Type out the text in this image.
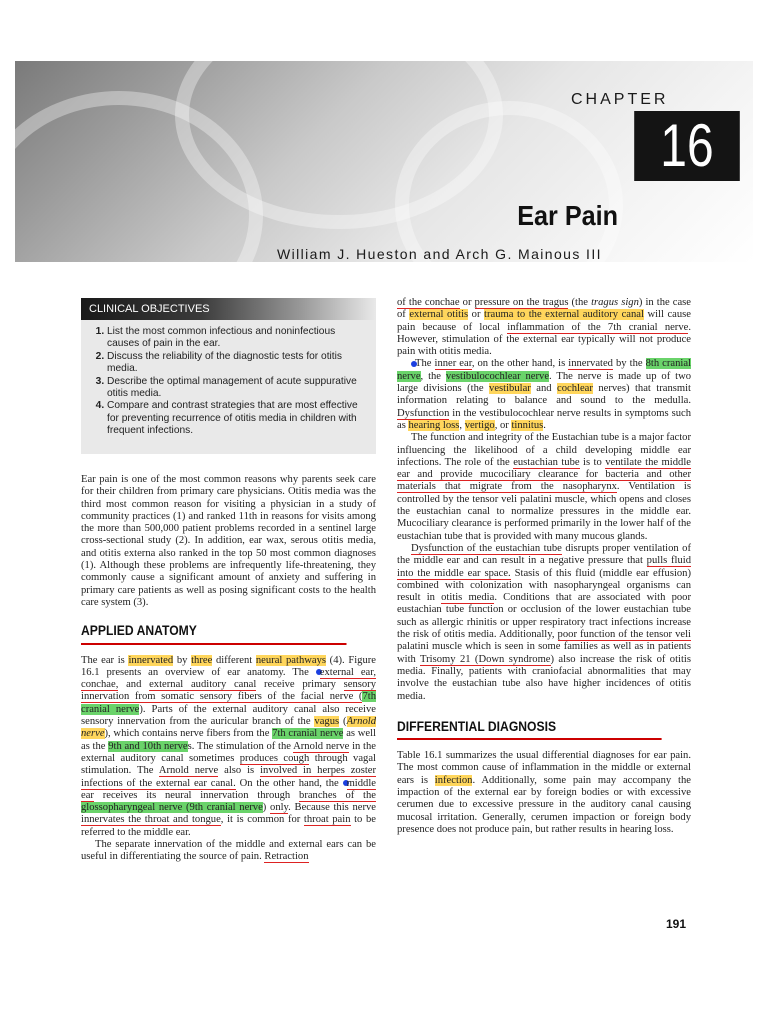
CHAPTER
16
Ear Pain
William J. Hueston and Arch G. Mainous III
CLINICAL OBJECTIVES
1. List the most common infectious and noninfectious causes of pain in the ear.
2. Discuss the reliability of the diagnostic tests for otitis media.
3. Describe the optimal management of acute suppurative otitis media.
4. Compare and contrast strategies that are most effective for preventing recurrence of otitis media in children with frequent infections.

Ear pain is one of the most common reasons why parents seek care for their children from primary care physicians. Otitis media was the third most common reason for visiting a physician in a study of community practices (1) and ranked 11th in reasons for visits among the more than 500,000 patient problems recorded in a sentinel large cross-sectional study (2). In addition, ear wax, serous otitis media, and otitis externa also ranked in the top 50 most common diagnoses (1). Although these problems are infrequently life-threatening, they commonly cause a significant amount of anxiety and suffering in primary care patients as well as posing significant costs to the health care system (3).

APPLIED ANATOMY

The ear is innervated by three different neural pathways (4). Figure 16.1 presents an overview of ear anatomy. The external ear, conchae, and external auditory canal receive primary sensory innervation from somatic sensory fibers of the facial nerve (7th cranial nerve). Parts of the external auditory canal also receive sensory innervation from the auricular branch of the vagus (Arnold nerve), which contains nerve fibers from the 7th cranial nerve as well as the 9th and 10th nerves. The stimulation of the Arnold nerve in the external auditory canal sometimes produces cough through vagal stimulation. The Arnold nerve also is involved in herpes zoster infections of the external ear canal. On the other hand, the middle ear receives its neural innervation through branches of the glossopharyngeal nerve (9th cranial nerve) only. Because this nerve innervates the throat and tongue, it is common for throat pain to be referred to the middle ear.

The separate innervation of the middle and external ears can be useful in differentiating the source of pain. Retraction

of the conchae or pressure on the tragus (the tragus sign) in the case of external otitis or trauma to the external auditory canal will cause pain because of local inflammation of the 7th cranial nerve. However, stimulation of the external ear typically will not produce pain with otitis media.

The inner ear, on the other hand, is innervated by the 8th cranial nerve, the vestibulocochlear nerve. The nerve is made up of two large divisions (the vestibular and cochlear nerves) that transmit information relating to balance and sound to the medulla. Dysfunction in the vestibulocochlear nerve results in symptoms such as hearing loss, vertigo, or tinnitus.

The function and integrity of the Eustachian tube is a major factor influencing the likelihood of a child developing middle ear infections. The role of the eustachian tube is to ventilate the middle ear and provide mucociliary clearance for bacteria and other materials that migrate from the nasopharynx. Ventilation is controlled by the tensor veli palatini muscle, which opens and closes the eustachian canal to normalize pressures in the middle ear. Mucociliary clearance is performed primarily in the lower half of the eustachian tube that is provided with many mucous glands.

Dysfunction of the eustachian tube disrupts proper ventilation of the middle ear and can result in a negative pressure that pulls fluid into the middle ear space. Stasis of this fluid (middle ear effusion) combined with colonization with nasopharyngeal organisms can result in otitis media. Conditions that are associated with poor eustachian tube function or occlusion of the lower eustachian tube such as allergic rhinitis or upper respiratory tract infections increase the risk of otitis media. Additionally, poor function of the tensor veli palatini muscle which is seen in some families as well as in patients with Trisomy 21 (Down syndrome) also increase the risk of otitis media. Finally, patients with craniofacial abnormalities that may involve the eustachian tube also have higher incidences of otitis media.

DIFFERENTIAL DIAGNOSIS

Table 16.1 summarizes the usual differential diagnoses for ear pain. The most common cause of inflammation in the middle or external ears is infection. Additionally, some pain may accompany the impaction of the external ear by foreign bodies or with excessive cerumen due to excessive pressure in the auditory canal causing mucosal irritation. Generally, cerumen impaction or foreign body presence does not produce pain, but rather results in hearing loss.

191
